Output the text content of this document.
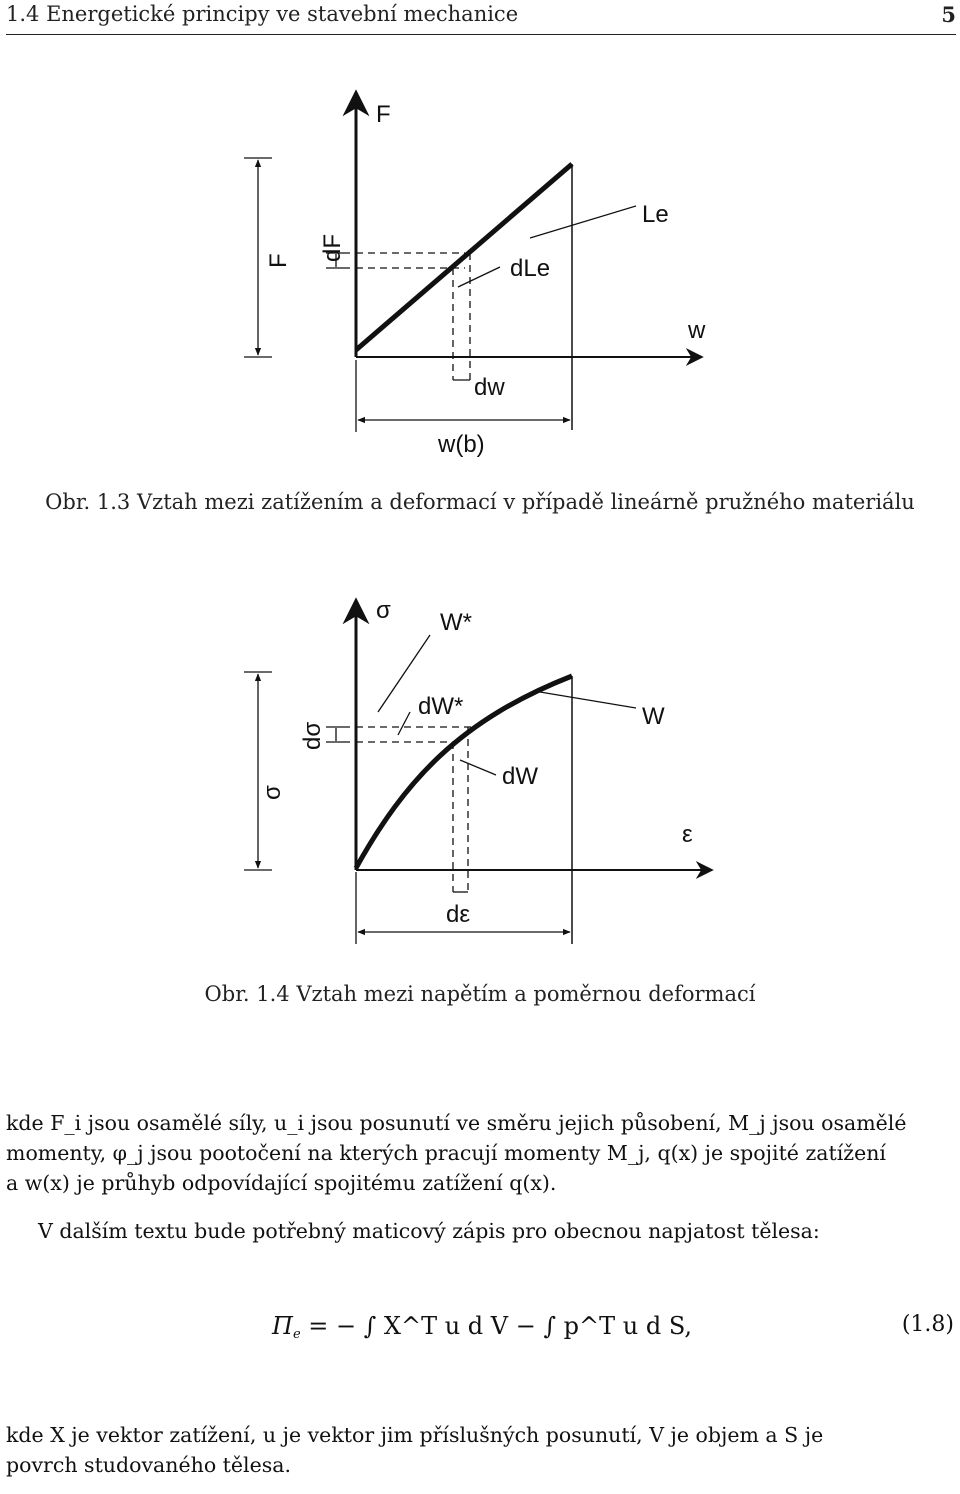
1.4 Energetické principy ve stavební mechanice	5
F dF
F
Le
dLe
w
dw
w(b)
Obr. 1.3 Vztah mezi zatížením a deformací v případě lineárně pružného materiálu
σ
dσ
σ W*
dW*	W
dW
ε
dε
Obr. 1.4 Vztah mezi napětím a poměrnou deformací
kde F_i jsou osamělé síly, u_i jsou posunutí ve směru jejich působení, M_j jsou osamělé
momenty, φ_j jsou pootočení na kterých pracují momenty M_j, q(x) je spojité zatížení
a w(x) je průhyb odpovídající spojitému zatížení q(x).
V dalším textu bude potřebný maticový zápis pro obecnou napjatost tělesa:
$\Pi_e$ = − ∫ X^T u d V − ∫ p^T u d S,	(1.8)
kde X je vektor zatížení, u je vektor jim příslušných posunutí, V je objem a S je
povrch studovaného tělesa.
